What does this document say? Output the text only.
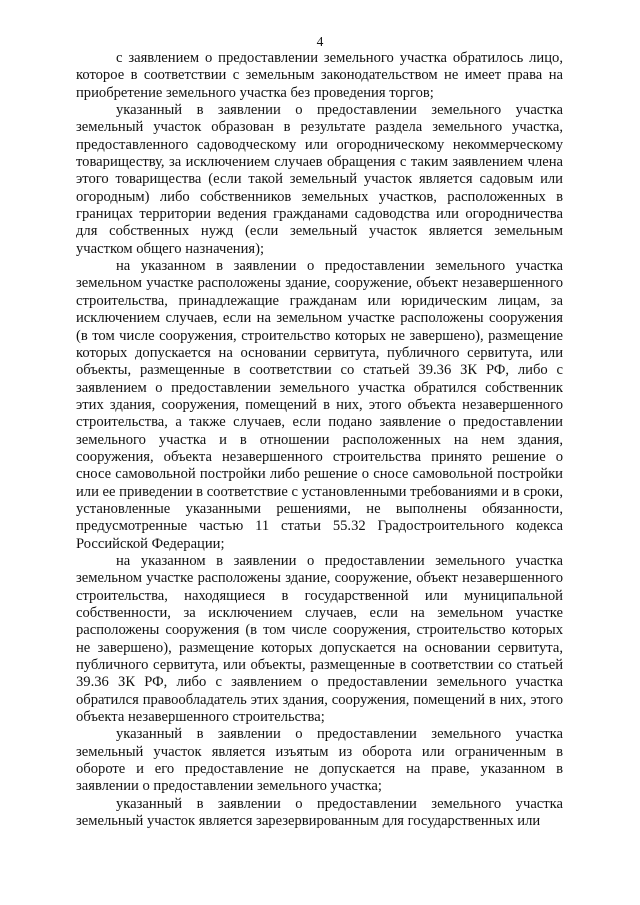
4

с заявлением о предоставлении земельного участка обратилось лицо, которое в соответствии с земельным законодательством не имеет права на приобретение земельного участка без проведения торгов;

указанный в заявлении о предоставлении земельного участка земельный участок образован в результате раздела земельного участка, предоставленного садоводческому или огородническому некоммерческому товариществу, за исключением случаев обращения с таким заявлением члена этого товарищества (если такой земельный участок является садовым или огородным) либо собственников земельных участков, расположенных в границах территории ведения гражданами садоводства или огородничества для собственных нужд (если земельный участок является земельным участком общего назначения);

на указанном в заявлении о предоставлении земельного участка земельном участке расположены здание, сооружение, объект незавершенного строительства, принадлежащие гражданам или юридическим лицам, за исключением случаев, если на земельном участке расположены сооружения (в том числе сооружения, строительство которых не завершено), размещение которых допускается на основании сервитута, публичного сервитута, или объекты, размещенные в соответствии со статьей 39.36 ЗК РФ, либо с заявлением о предоставлении земельного участка обратился собственник этих здания, сооружения, помещений в них, этого объекта незавершенного строительства, а также случаев, если подано заявление о предоставлении земельного участка и в отношении расположенных на нем здания, сооружения, объекта незавершенного строительства принято решение о сносе самовольной постройки либо решение о сносе самовольной постройки или ее приведении в соответствие с установленными требованиями и в сроки, установленные указанными решениями, не выполнены обязанности, предусмотренные частью 11 статьи 55.32 Градостроительного кодекса Российской Федерации;

на указанном в заявлении о предоставлении земельного участка земельном участке расположены здание, сооружение, объект незавершенного строительства, находящиеся в государственной или муниципальной собственности, за исключением случаев, если на земельном участке расположены сооружения (в том числе сооружения, строительство которых не завершено), размещение которых допускается на основании сервитута, публичного сервитута, или объекты, размещенные в соответствии со статьей 39.36 ЗК РФ, либо с заявлением о предоставлении земельного участка обратился правообладатель этих здания, сооружения, помещений в них, этого объекта незавершенного строительства;

указанный в заявлении о предоставлении земельного участка земельный участок является изъятым из оборота или ограниченным в обороте и его предоставление не допускается на праве, указанном в заявлении о предоставлении земельного участка;

указанный в заявлении о предоставлении земельного участка земельный участок является зарезервированным для государственных или
